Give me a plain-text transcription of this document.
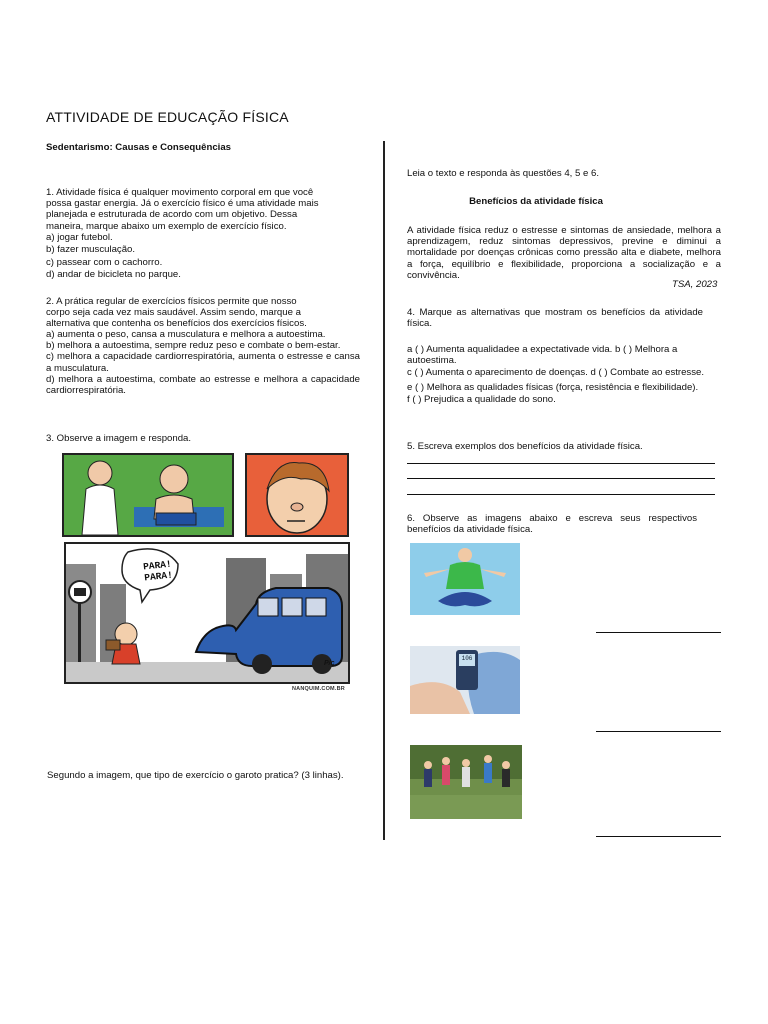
ATTIVIDADE DE EDUCAÇÃO FÍSICA
Sedentarismo: Causas e Consequências
1. Atividade física é qualquer movimento corporal em que você
possa gastar energia. Já o exercício físico é uma atividade mais
planejada e estruturada de acordo com um objetivo. Dessa
maneira, marque abaixo um exemplo de exercício físico.
a) jogar futebol.
b) fazer musculação.
c) passear com o cachorro.
d) andar de bicicleta no parque.
2. A prática regular de exercícios físicos permite que nosso
corpo seja cada vez mais saudável. Assim sendo, marque a
alternativa que contenha os benefícios dos exercícios físicos.
a) aumenta o peso, cansa a musculatura e melhora a autoestima.
b) melhora a autoestima, sempre reduz peso e combate o bem-estar.
c) melhora a capacidade cardiorrespiratória, aumenta o estresse e cansa a musculatura.
d) melhora a autoestima, combate ao estresse e melhora a capacidade cardiorrespiratória.
3. Observe a imagem e responda.
PARA! PARA!
P/c
NANQUIM.COM.BR
Segundo a imagem, que tipo de exercício o garoto pratica? (3 linhas).
Leia o texto e responda às questões 4, 5 e 6.
Benefícios da atividade física
A atividade física reduz o estresse e sintomas de ansiedade, melhora a aprendizagem, reduz sintomas depressivos, previne e diminui a mortalidade por doenças crônicas como pressão alta e diabete, melhora a força, equilíbrio e flexibilidade, proporciona a socialização e a convivência.
TSA, 2023
4. Marque as alternativas que mostram os benefícios da atividade física.
a ( ) Aumenta aqualidadee a expectativade vida. b ( ) Melhora a autoestima.
c ( ) Aumenta o aparecimento de doenças. d ( ) Combate ao estresse.
e ( ) Melhora as qualidades físicas (força, resistência e flexibilidade).
f ( ) Prejudica a qualidade do sono.
5. Escreva exemplos dos benefícios da atividade física.
6. Observe as imagens abaixo e escreva seus respectivos benefícios da atividade física.
106
